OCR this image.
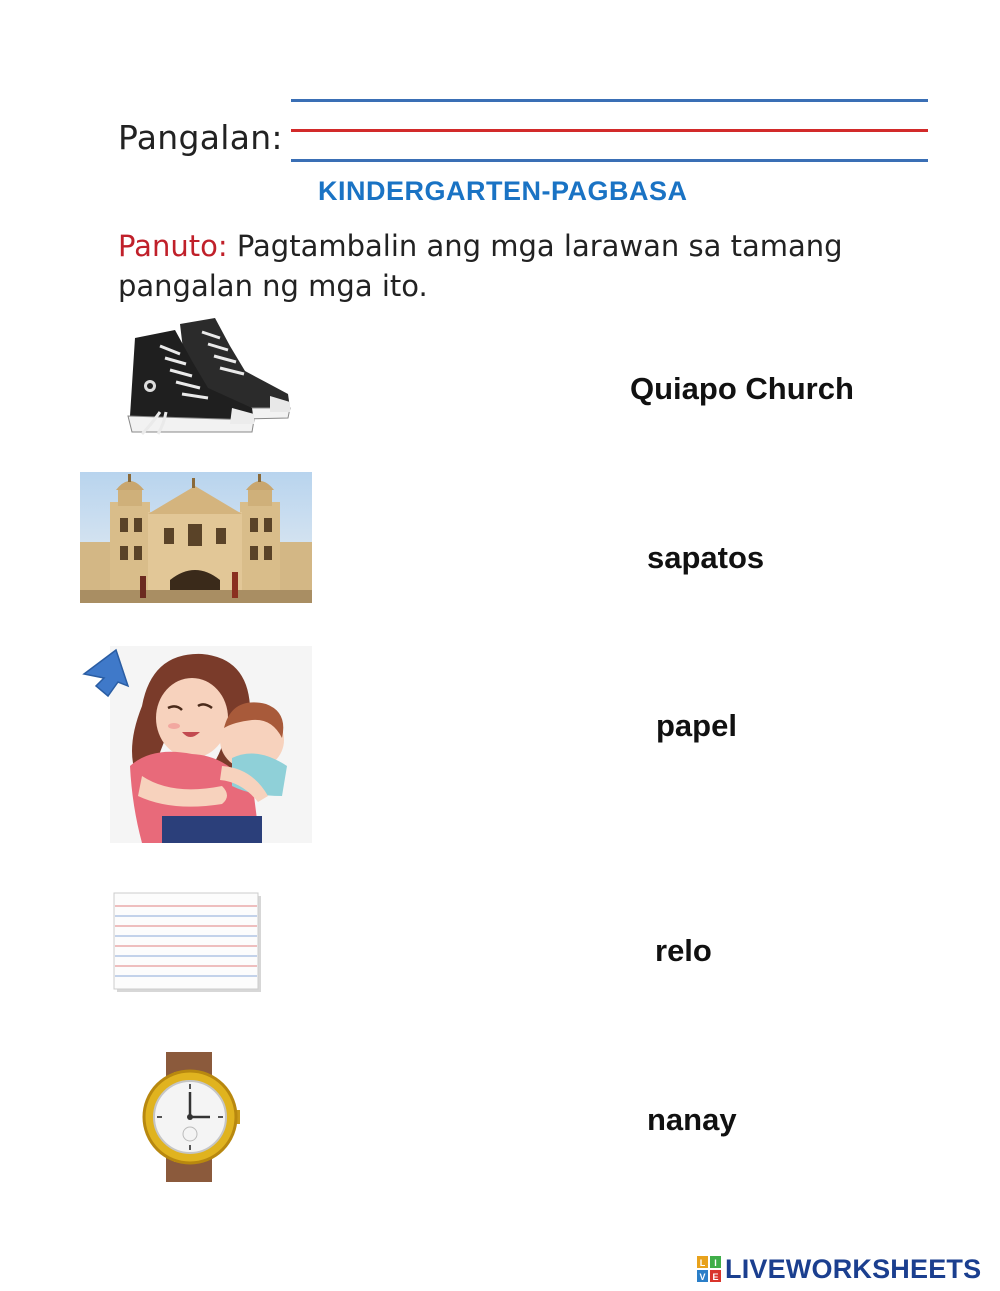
Pangalan:
KINDERGARTEN-PAGBASA
Panuto: Pagtambalin ang mga larawan sa tamang pangalan ng mga ito.
Quiapo Church
sapatos
papel
relo
nanay
L I
V E LIVEWORKSHEETS
